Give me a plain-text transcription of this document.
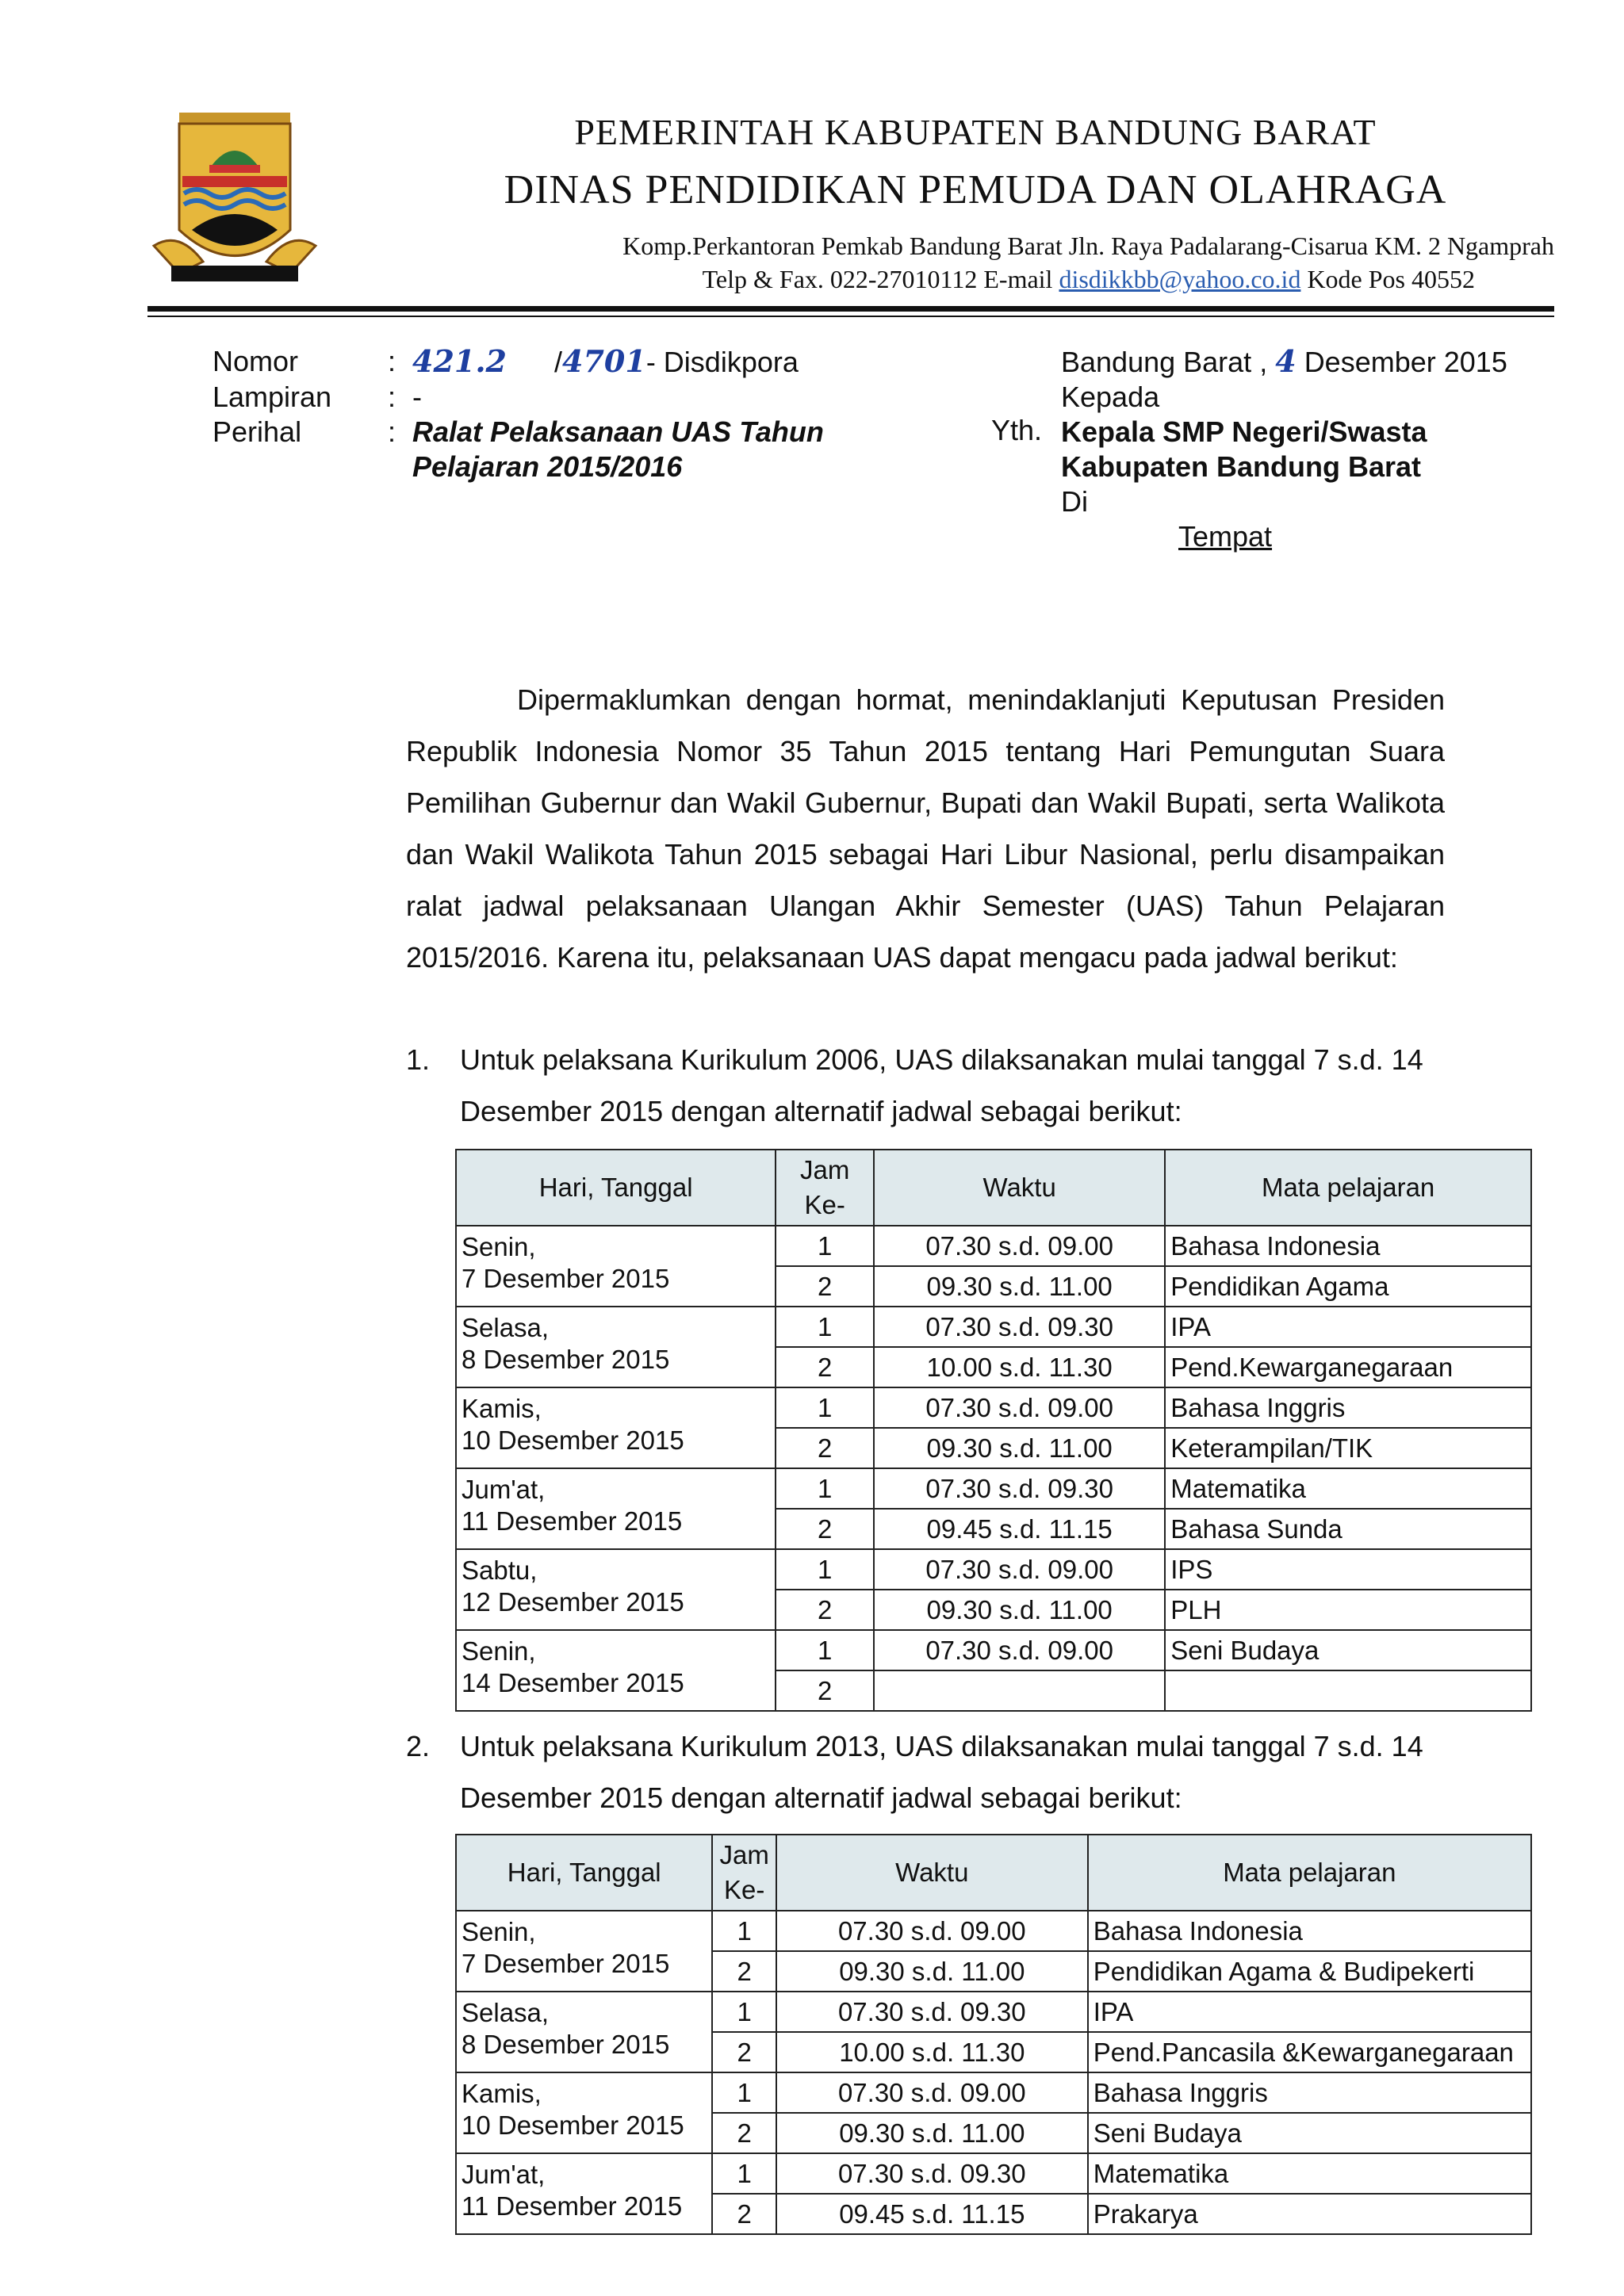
PEMERINTAH KABUPATEN BANDUNG BARAT
DINAS PENDIDIKAN PEMUDA DAN OLAHRAGA
Komp.Perkantoran Pemkab Bandung Barat Jln. Raya Padalarang-Cisarua KM. 2 Ngamprah
Telp & Fax. 022-27010112 E-mail disdikkbb@yahoo.co.id Kode Pos 40552
Nomor	: 421.2 /4701- Disdikpora
Lampiran	: -
Perihal	: Ralat Pelaksanaan UAS Tahun
Pelajaran 2015/2016
Bandung Barat , 4 Desember 2015
Kepada
Kepala SMP Negeri/Swasta
Kabupaten Bandung Barat
Di
Tempat
Yth.
Dipermaklumkan dengan hormat, menindaklanjuti Keputusan Presiden Republik Indonesia Nomor 35 Tahun 2015 tentang Hari Pemungutan Suara Pemilihan Gubernur dan Wakil Gubernur, Bupati dan Wakil Bupati, serta Walikota dan Wakil Walikota Tahun 2015 sebagai Hari Libur Nasional, perlu disampaikan ralat jadwal pelaksanaan Ulangan Akhir Semester (UAS) Tahun Pelajaran 2015/2016. Karena itu, pelaksanaan UAS dapat mengacu pada jadwal berikut:
1. Untuk pelaksana Kurikulum 2006, UAS dilaksanakan mulai tanggal 7 s.d. 14 Desember 2015 dengan alternatif jadwal sebagai berikut:
Hari, Tanggal	Jam
Ke-	Waktu	Mata pelajaran

Senin,
7 Desember 2015	1	07.30 s.d. 09.00	Bahasa Indonesia
	2	09.30 s.d. 11.00	Pendidikan Agama

Selasa,
8 Desember 2015	1	07.30 s.d. 09.30	IPA
	2	10.00 s.d. 11.30	Pend.Kewarganegaraan

Kamis,
10 Desember 2015	1	07.30 s.d. 09.00	Bahasa Inggris
	2	09.30 s.d. 11.00	Keterampilan/TIK

Jum'at,
11 Desember 2015	1	07.30 s.d. 09.30	Matematika
	2	09.45 s.d. 11.15	Bahasa Sunda

Sabtu,
12 Desember 2015	1	07.30 s.d. 09.00	IPS
	2	09.30 s.d. 11.00	PLH

Senin,
14 Desember 2015	1	07.30 s.d. 09.00	Seni Budaya
	2		
2. Untuk pelaksana Kurikulum 2013, UAS dilaksanakan mulai tanggal 7 s.d. 14 Desember 2015 dengan alternatif jadwal sebagai berikut:
Hari, Tanggal	Jam
Ke-	Waktu	Mata pelajaran

Senin,
7 Desember 2015	1	07.30 s.d. 09.00	Bahasa Indonesia
	2	09.30 s.d. 11.00	Pendidikan Agama & Budipekerti

Selasa,
8 Desember 2015	1	07.30 s.d. 09.30	IPA
	2	10.00 s.d. 11.30	Pend.Pancasila &Kewarganegaraan

Kamis,
10 Desember 2015	1	07.30 s.d. 09.00	Bahasa Inggris
	2	09.30 s.d. 11.00	Seni Budaya

Jum'at,
11 Desember 2015	1	07.30 s.d. 09.30	Matematika
	2	09.45 s.d. 11.15	Prakarya
